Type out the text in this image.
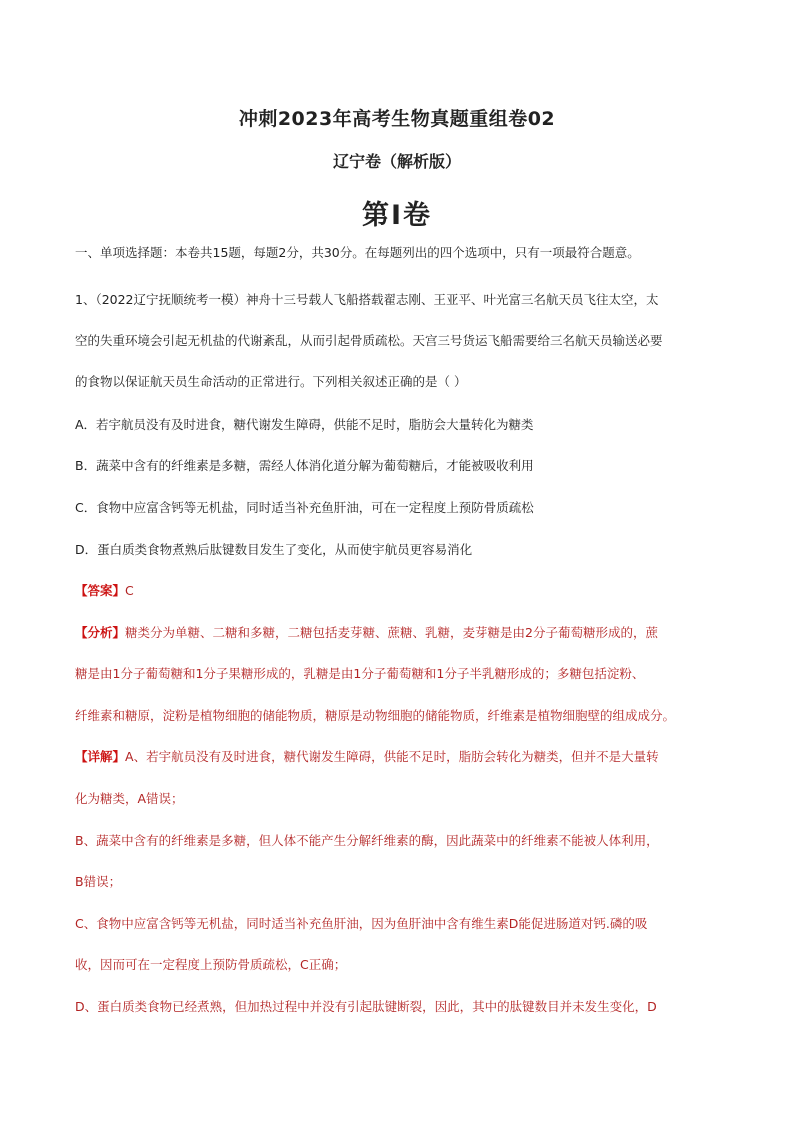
冲刺2023年高考生物真题重组卷02
辽宁卷（解析版）
第Ⅰ卷

一、单项选择题：本卷共15题，每题2分，共30分。在每题列出的四个选项中，只有一项最符合题意。

1、（2022辽宁抚顺统考一模）神舟十三号载人飞船搭载翟志刚、王亚平、叶光富三名航天员飞往太空，太

空的失重环境会引起无机盐的代谢紊乱，从而引起骨质疏松。天宫三号货运飞船需要给三名航天员输送必要

的食物以保证航天员生命活动的正常进行。下列相关叙述正确的是（ ）

A．若宇航员没有及时进食，糖代谢发生障碍，供能不足时，脂肪会大量转化为糖类

B．蔬菜中含有的纤维素是多糖，需经人体消化道分解为葡萄糖后，才能被吸收利用

C．食物中应富含钙等无机盐，同时适当补充鱼肝油，可在一定程度上预防骨质疏松

D．蛋白质类食物煮熟后肽键数目发生了变化，从而使宇航员更容易消化

【答案】C

【分析】糖类分为单糖、二糖和多糖，二糖包括麦芽糖、蔗糖、乳糖，麦芽糖是由2分子葡萄糖形成的，蔗

糖是由1分子葡萄糖和1分子果糖形成的，乳糖是由1分子葡萄糖和1分子半乳糖形成的；多糖包括淀粉、

纤维素和糖原，淀粉是植物细胞的储能物质，糖原是动物细胞的储能物质，纤维素是植物细胞壁的组成成分。

【详解】A、若宇航员没有及时进食，糖代谢发生障碍，供能不足时，脂肪会转化为糖类，但并不是大量转

化为糖类，A错误；

B、蔬菜中含有的纤维素是多糖，但人体不能产生分解纤维素的酶，因此蔬菜中的纤维素不能被人体利用，

B错误；

C、食物中应富含钙等无机盐，同时适当补充鱼肝油，因为鱼肝油中含有维生素D能促进肠道对钙.磷的吸

收，因而可在一定程度上预防骨质疏松，C正确；

D、蛋白质类食物已经煮熟，但加热过程中并没有引起肽键断裂，因此，其中的肽键数目并未发生变化，D
